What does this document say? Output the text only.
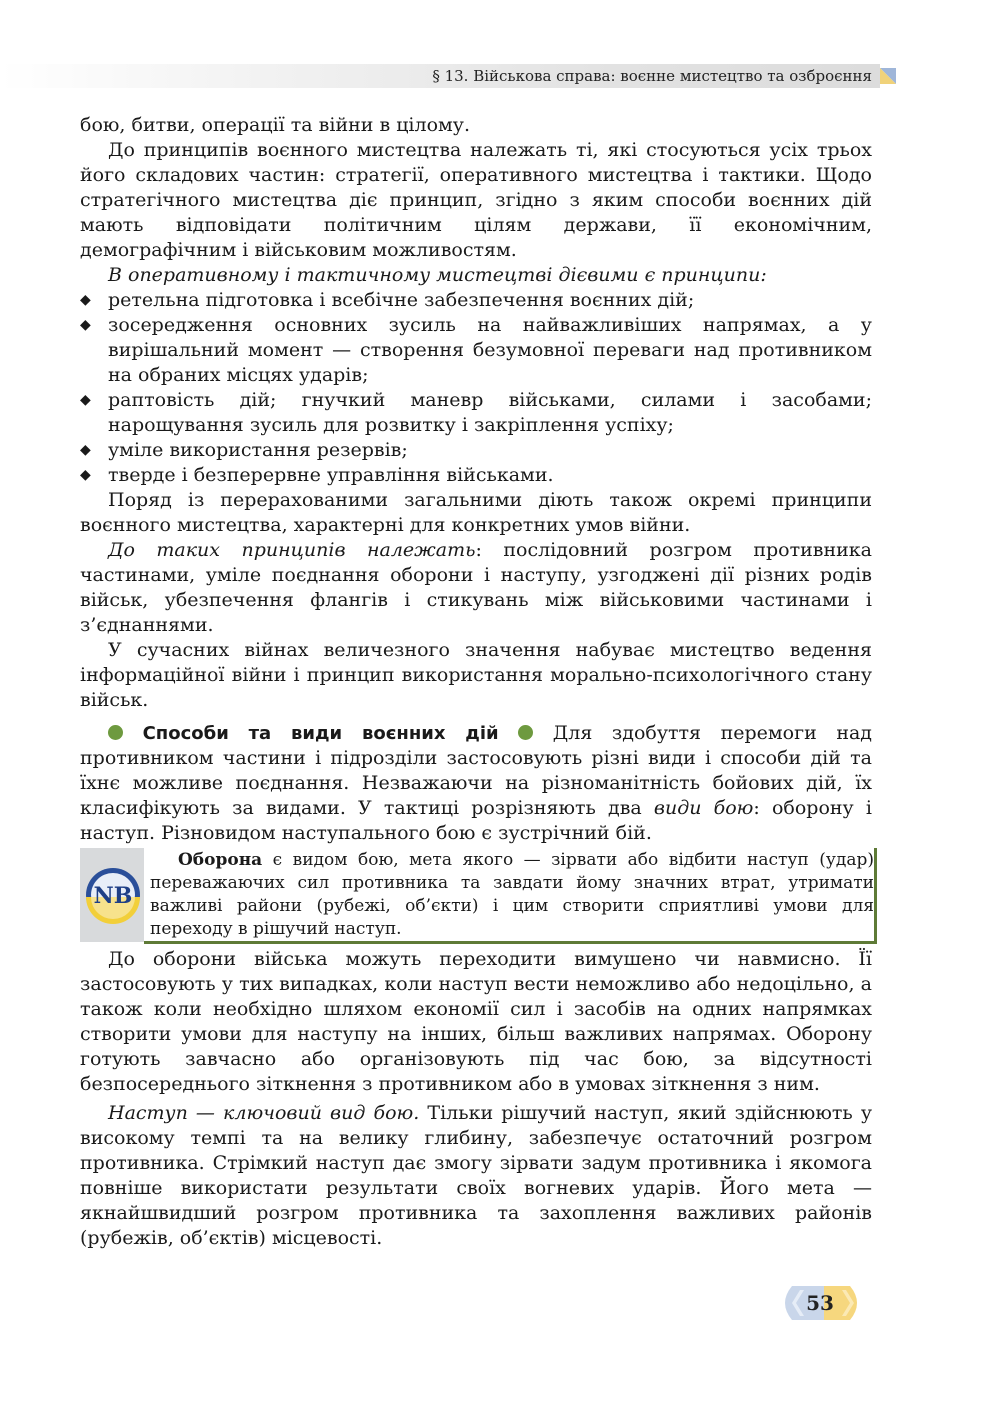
§ 13. Військова справа: воєнне мистецтво та озброєння

бою, битви, операції та війни в цілому.

До принципів воєнного мистецтва належать ті, які стосуються усіх трьох його складових частин: стратегії, оперативного мистецтва і тактики. Щодо стратегічного мистецтва діє принцип, згідно з яким способи воєнних дій мають відповідати політичним цілям держави, її економічним, демографічним і військовим можливостям.

В оперативному і тактичному мистецтві дієвими є принципи:

◆ ретельна підготовка і всебічне забезпечення воєнних дій;
◆ зосередження основних зусиль на найважливіших напрямах, а у вирішальний момент — створення безумовної переваги над противником на обраних місцях ударів;
◆ раптовість дій; гнучкий маневр військами, силами і засобами; нарощування зусиль для розвитку і закріплення успіху;
◆ уміле використання резервів;
◆ тверде і безперервне управління військами.

Поряд із перерахованими загальними діють також окремі принципи воєнного мистецтва, характерні для конкретних умов війни.

До таких принципів належать: послідовний розгром противника частинами, уміле поєднання оборони і наступу, узгоджені дії різних родів військ, убезпечення флангів і стикувань між військовими частинами і з’єднаннями.

У сучасних війнах величезного значення набуває мистецтво ведення інформаційної війни і принцип використання морально-психологічного стану військ.

Способи та види воєнних дій  Для здобуття перемоги над противником частини і підрозділи застосовують різні види і способи дій та їхнє можливе поєднання. Незважаючи на різноманітність бойових дій, їх класифікують за видами. У тактиці розрізняють два види бою: оборону і наступ. Різновидом наступального бою є зустрічний бій.

NB

Оборона є видом бою, мета якого — зірвати або відбити наступ (удар) переважаючих сил противника та завдати йому значних втрат, утримати важливі райони (рубежі, об’єкти) і цим створити сприятливі умови для переходу в рішучий наступ.

До оборони війська можуть переходити вимушено чи навмисно. Її застосовують у тих випадках, коли наступ вести неможливо або недоцільно, а також коли необхідно шляхом економії сил і засобів на одних напрямках створити умови для наступу на інших, більш важливих напрямах. Оборону готують завчасно або організовують під час бою, за відсутності безпосереднього зіткнення з противником або в умовах зіткнення з ним.

Наступ — ключовий вид бою. Тільки рішучий наступ, який здійснюють у високому темпі та на велику глибину, забезпечує остаточний розгром противника. Стрімкий наступ дає змогу зірвати задум противника і якомога повніше використати результати своїх вогневих ударів. Його мета — якнайшвидший розгром противника та захоплення важливих районів (рубежів, об’єктів) місцевості.

53
